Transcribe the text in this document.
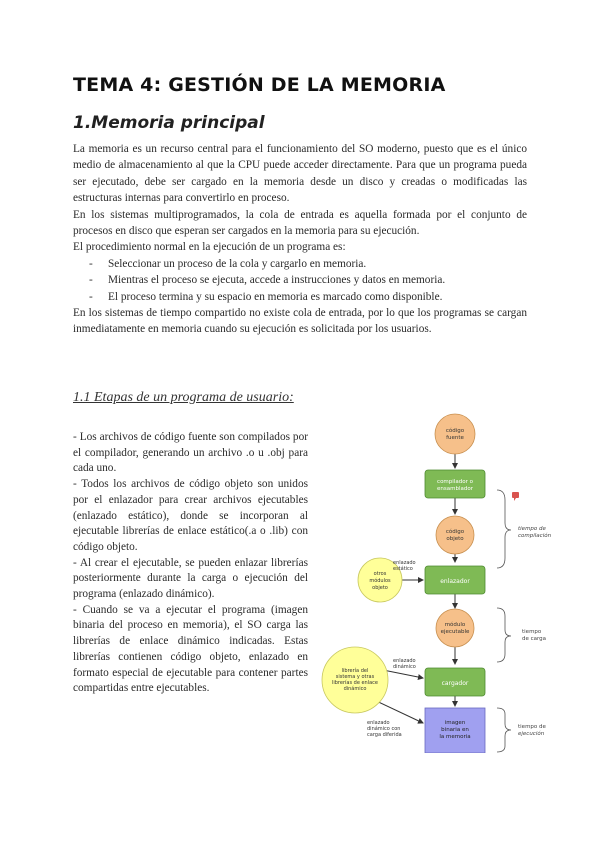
TEMA 4: GESTIÓN DE LA MEMORIA
1.Memoria principal

La memoria es un recurso central para el funcionamiento del SO moderno, puesto que es el único medio de almacenamiento al que la CPU puede acceder directamente. Para que un programa pueda ser ejecutado, debe ser cargado en la memoria desde un disco y creadas o modificadas las estructuras internas para convertirlo en proceso.

En los sistemas multiprogramados, la cola de entrada es aquella formada por el conjunto de procesos en disco que esperan ser cargados en la memoria para su ejecución.

El procedimiento normal en la ejecución de un programa es:

- Seleccionar un proceso de la cola y cargarlo en memoria.
- Mientras el proceso se ejecuta, accede a instrucciones y datos en memoria.
- El proceso termina y su espacio en memoria es marcado como disponible.

En los sistemas de tiempo compartido no existe cola de entrada, por lo que los programas se cargan inmediatamente en memoria cuando su ejecución es solicitada por los usuarios.

1.1 Etapas de un programa de usuario:

- Los archivos de código fuente son compilados por el compilador, generando un archivo .o u .obj para cada uno.

- Todos los archivos de código objeto son unidos por el enlazador para crear archivos ejecutables (enlazado estático), donde se incorporan al ejecutable librerías de enlace estático(.a o .lib) con código objeto.

- Al crear el ejecutable, se pueden enlazar librerías posteriormente durante la carga o ejecución del programa (enlazado dinámico).

- Cuando se va a ejecutar el programa (imagen binaria del proceso en memoria), el SO carga las librerías de enlace dinámico indicadas. Estas librerías contienen código objeto, enlazado en formato especial de ejecutable para contener partes compartidas entre ejecutables.

código
fuente
compilador o
ensamblador
código
objeto
otros
módulos
objeto
enlazado
estático
enlazador
módulo
ejecutable
librería del
sistema y otras
librerías de enlace
dinámico
enlazado
dinámico
cargador
enlazado
dinámico con
carga diferida
imagen
binaria en
la memoria
tiempo de
compilación
tiempo
de carga
tiempo de
ejecución
